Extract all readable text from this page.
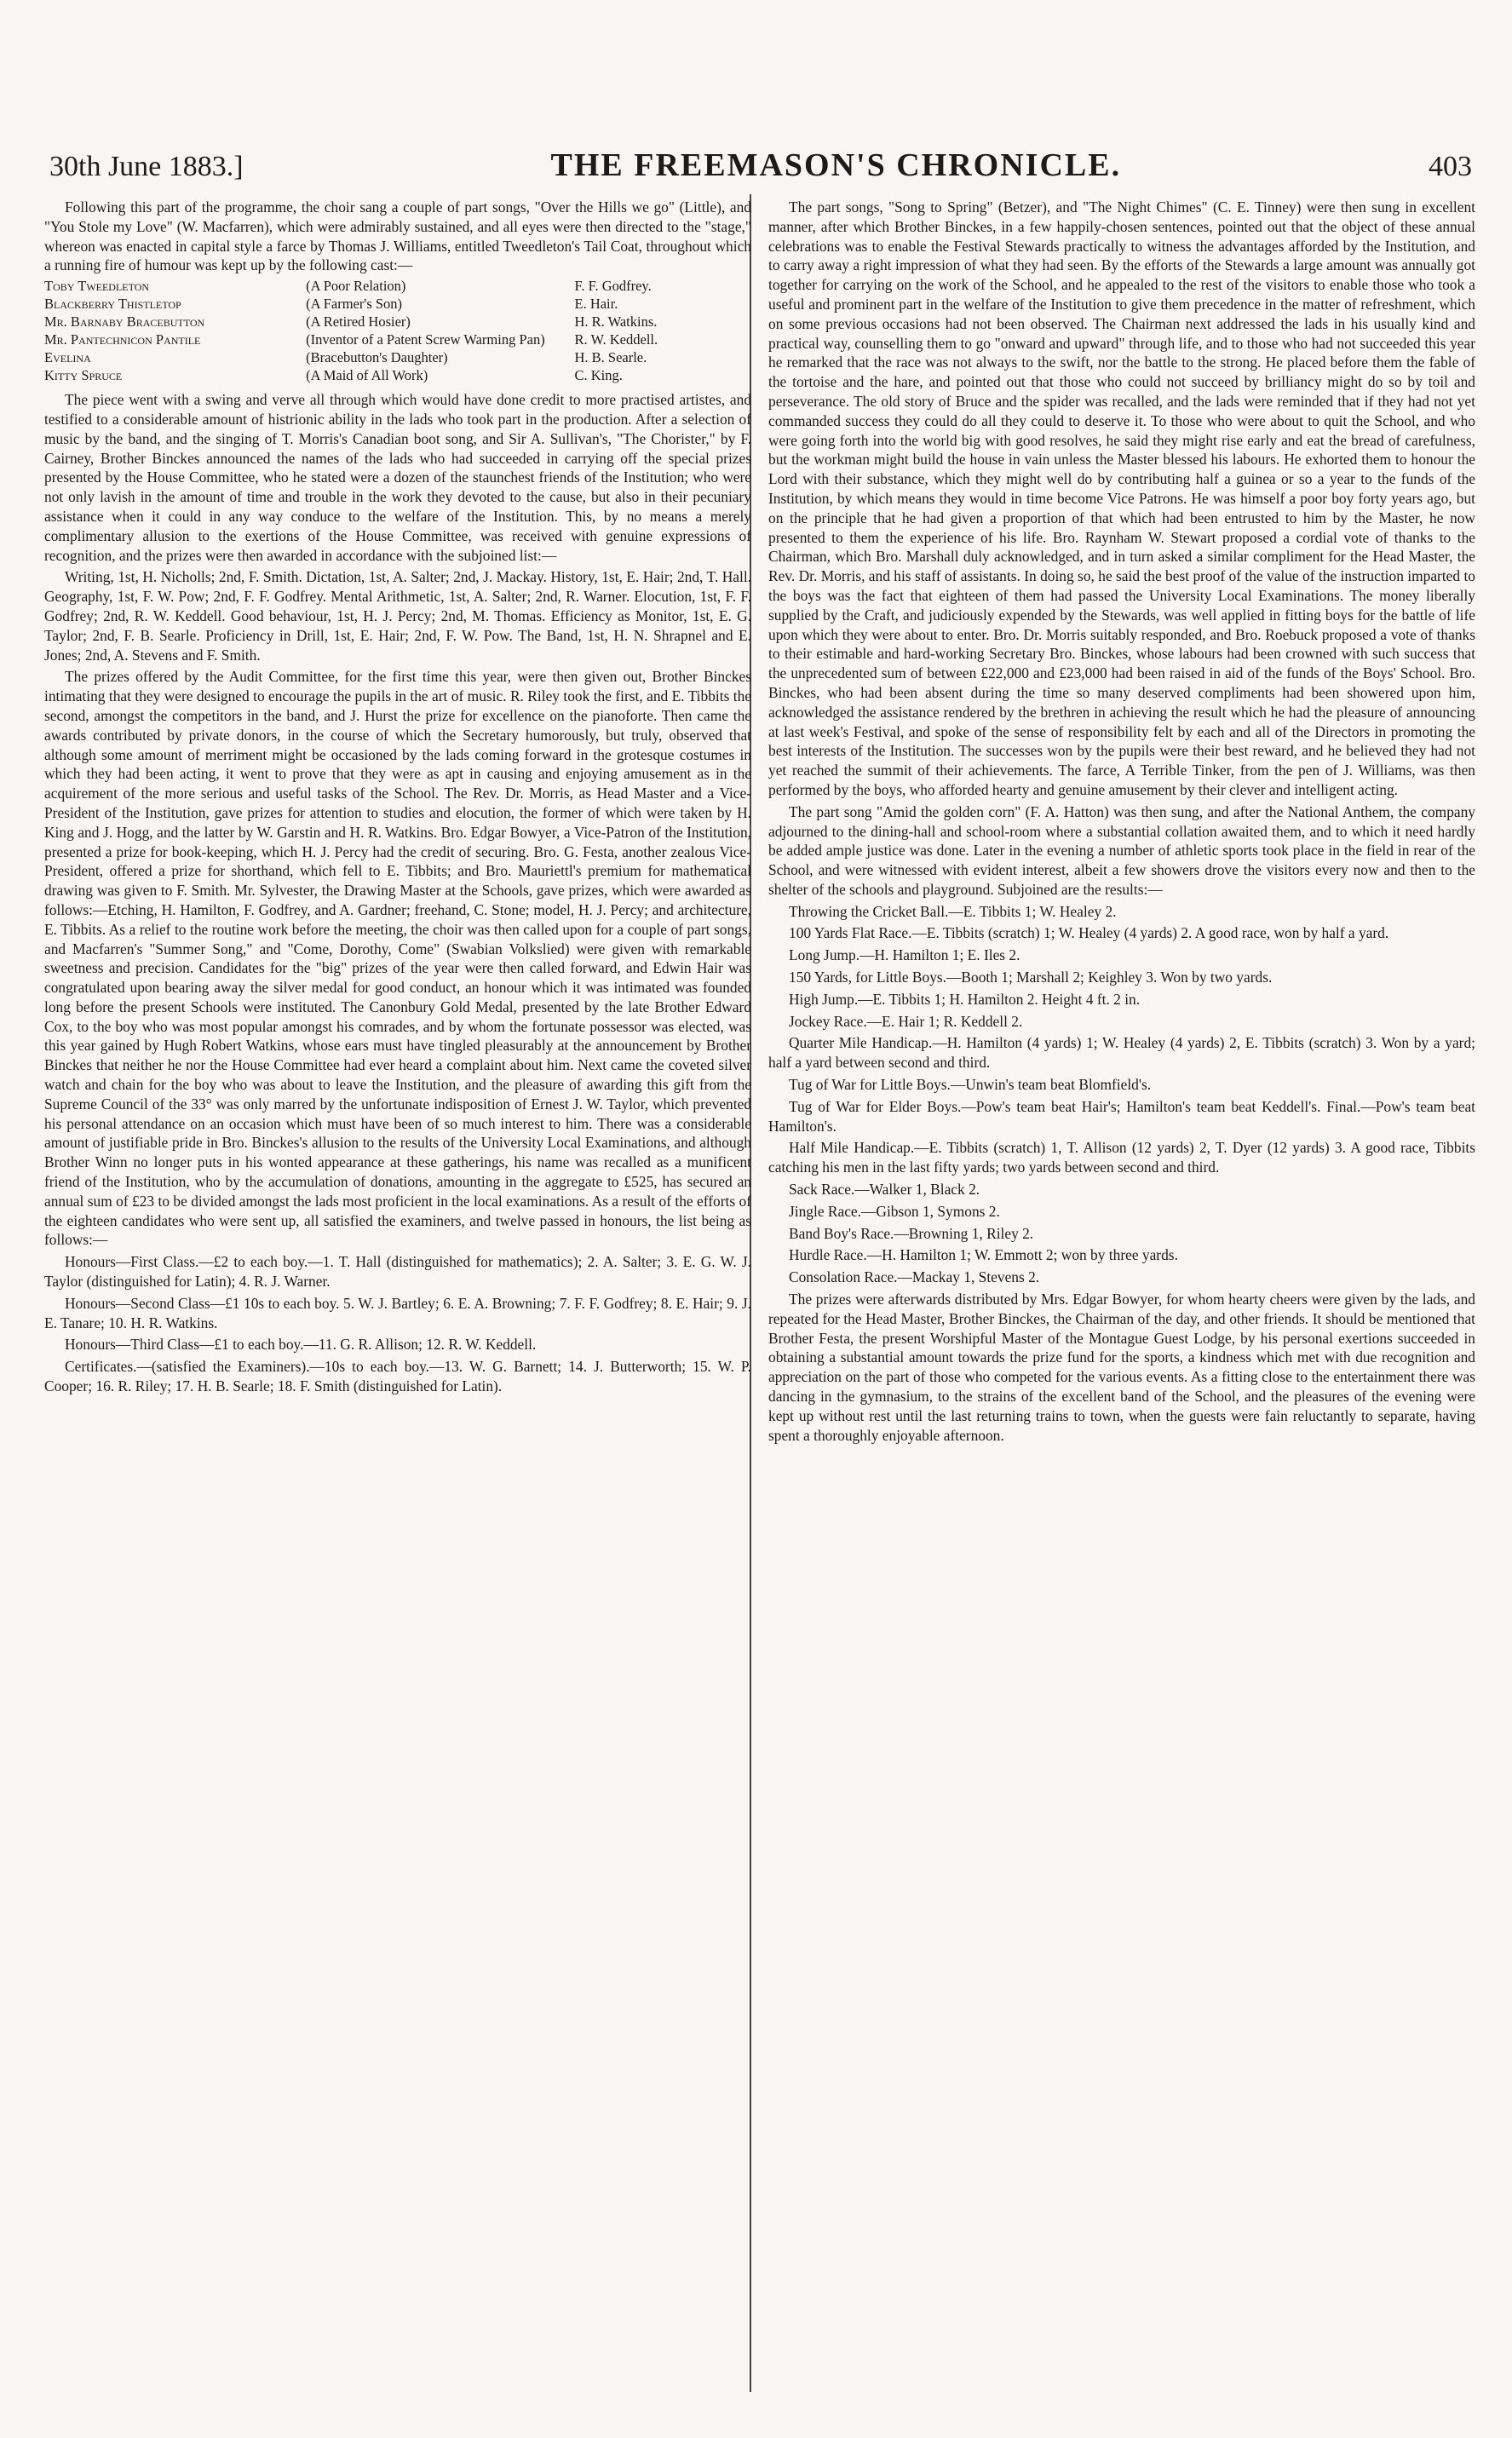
30th June 1883.]	THE FREEMASON'S CHRONICLE.	403

Following this part of the programme, the choir sang a couple of part songs, "Over the Hills we go" (Little), and "You Stole my Love" (W. Macfarren), which were admirably sustained, and all eyes were then directed to the "stage," whereon was enacted in capital style a farce by Thomas J. Williams, entitled Tweedleton's Tail Coat, throughout which a running fire of humour was kept up by the following cast:—

Toby Tweedleton	(A Poor Relation)	F. F. Godfrey.
Blackberry Thistletop	(A Farmer's Son)	E. Hair.
Mr. Barnaby Bracebutton	(A Retired Hosier)	H. R. Watkins.
Mr. Pantechnicon Pantile	(Inventor of a Patent Screw Warming Pan)	R. W. Keddell.
Evelina	(Bracebutton's Daughter)	H. B. Searle.
Kitty Spruce	(A Maid of All Work)	C. King.

The piece went with a swing and verve all through which would have done credit to more practised artistes, and testified to a considerable amount of histrionic ability in the lads who took part in the production. After a selection of music by the band, and the singing of T. Morris's Canadian boot song, and Sir A. Sullivan's, "The Chorister," by F. Cairney, Brother Binckes announced the names of the lads who had succeeded in carrying off the special prizes presented by the House Committee, who he stated were a dozen of the staunchest friends of the Institution; who were not only lavish in the amount of time and trouble in the work they devoted to the cause, but also in their pecuniary assistance when it could in any way conduce to the welfare of the Institution. This, by no means a merely complimentary allusion to the exertions of the House Committee, was received with genuine expressions of recognition, and the prizes were then awarded in accordance with the subjoined list:—

Writing, 1st, H. Nicholls; 2nd, F. Smith. Dictation, 1st, A. Salter; 2nd, J. Mackay. History, 1st, E. Hair; 2nd, T. Hall. Geography, 1st, F. W. Pow; 2nd, F. F. Godfrey. Mental Arithmetic, 1st, A. Salter; 2nd, R. Warner. Elocution, 1st, F. F. Godfrey; 2nd, R. W. Keddell. Good behaviour, 1st, H. J. Percy; 2nd, M. Thomas. Efficiency as Monitor, 1st, E. G. Taylor; 2nd, F. B. Searle. Proficiency in Drill, 1st, E. Hair; 2nd, F. W. Pow. The Band, 1st, H. N. Shrapnel and E. Jones; 2nd, A. Stevens and F. Smith.

The prizes offered by the Audit Committee, for the first time this year, were then given out, Brother Binckes intimating that they were designed to encourage the pupils in the art of music. R. Riley took the first, and E. Tibbits the second, amongst the competitors in the band, and J. Hurst the prize for excellence on the pianoforte. Then came the awards contributed by private donors, in the course of which the Secretary humorously, but truly, observed that although some amount of merriment might be occasioned by the lads coming forward in the grotesque costumes in which they had been acting, it went to prove that they were as apt in causing and enjoying amusement as in the acquirement of the more serious and useful tasks of the School. The Rev. Dr. Morris, as Head Master and a Vice-President of the Institution, gave prizes for attention to studies and elocution, the former of which were taken by H. King and J. Hogg, and the latter by W. Garstin and H. R. Watkins. Bro. Edgar Bowyer, a Vice-Patron of the Institution, presented a prize for book-keeping, which H. J. Percy had the credit of securing. Bro. G. Festa, another zealous Vice-President, offered a prize for shorthand, which fell to E. Tibbits; and Bro. Mauriettl's premium for mathematical drawing was given to F. Smith. Mr. Sylvester, the Drawing Master at the Schools, gave prizes, which were awarded as follows:—Etching, H. Hamilton, F. Godfrey, and A. Gardner; freehand, C. Stone; model, H. J. Percy; and architecture, E. Tibbits. As a relief to the routine work before the meeting, the choir was then called upon for a couple of part songs, and Macfarren's "Summer Song," and "Come, Dorothy, Come" (Swabian Volkslied) were given with remarkable sweetness and precision. Candidates for the "big" prizes of the year were then called forward, and Edwin Hair was congratulated upon bearing away the silver medal for good conduct, an honour which it was intimated was founded long before the present Schools were instituted. The Canonbury Gold Medal, presented by the late Brother Edward Cox, to the boy who was most popular amongst his comrades, and by whom the fortunate possessor was elected, was this year gained by Hugh Robert Watkins, whose ears must have tingled pleasurably at the announcement by Brother Binckes that neither he nor the House Committee had ever heard a complaint about him. Next came the coveted silver watch and chain for the boy who was about to leave the Institution, and the pleasure of awarding this gift from the Supreme Council of the 33° was only marred by the unfortunate indisposition of Ernest J. W. Taylor, which prevented his personal attendance on an occasion which must have been of so much interest to him. There was a considerable amount of justifiable pride in Bro. Binckes's allusion to the results of the University Local Examinations, and although Brother Winn no longer puts in his wonted appearance at these gatherings, his name was recalled as a munificent friend of the Institution, who by the accumulation of donations, amounting in the aggregate to £525, has secured an annual sum of £23 to be divided amongst the lads most proficient in the local examinations. As a result of the efforts of the eighteen candidates who were sent up, all satisfied the examiners, and twelve passed in honours, the list being as follows:—

Honours—First Class.—£2 to each boy.—1. T. Hall (distinguished for mathematics); 2. A. Salter; 3. E. G. W. J. Taylor (distinguished for Latin); 4. R. J. Warner.

Honours—Second Class—£1 10s to each boy. 5. W. J. Bartley; 6. E. A. Browning; 7. F. F. Godfrey; 8. E. Hair; 9. J. E. Tanare; 10. H. R. Watkins.

Honours—Third Class—£1 to each boy.—11. G. R. Allison; 12. R. W. Keddell.

Certificates.—(satisfied the Examiners).—10s to each boy.—13. W. G. Barnett; 14. J. Butterworth; 15. W. P. Cooper; 16. R. Riley; 17. H. B. Searle; 18. F. Smith (distinguished for Latin).

The part songs, "Song to Spring" (Betzer), and "The Night Chimes" (C. E. Tinney) were then sung in excellent manner, after which Brother Binckes, in a few happily-chosen sentences, pointed out that the object of these annual celebrations was to enable the Festival Stewards practically to witness the advantages afforded by the Institution, and to carry away a right impression of what they had seen. By the efforts of the Stewards a large amount was annually got together for carrying on the work of the School, and he appealed to the rest of the visitors to enable those who took a useful and prominent part in the welfare of the Institution to give them precedence in the matter of refreshment, which on some previous occasions had not been observed. The Chairman next addressed the lads in his usually kind and practical way, counselling them to go "onward and upward" through life, and to those who had not succeeded this year he remarked that the race was not always to the swift, nor the battle to the strong. He placed before them the fable of the tortoise and the hare, and pointed out that those who could not succeed by brilliancy might do so by toil and perseverance. The old story of Bruce and the spider was recalled, and the lads were reminded that if they had not yet commanded success they could do all they could to deserve it. To those who were about to quit the School, and who were going forth into the world big with good resolves, he said they might rise early and eat the bread of carefulness, but the workman might build the house in vain unless the Master blessed his labours. He exhorted them to honour the Lord with their substance, which they might well do by contributing half a guinea or so a year to the funds of the Institution, by which means they would in time become Vice Patrons. He was himself a poor boy forty years ago, but on the principle that he had given a proportion of that which had been entrusted to him by the Master, he now presented to them the experience of his life. Bro. Raynham W. Stewart proposed a cordial vote of thanks to the Chairman, which Bro. Marshall duly acknowledged, and in turn asked a similar compliment for the Head Master, the Rev. Dr. Morris, and his staff of assistants. In doing so, he said the best proof of the value of the instruction imparted to the boys was the fact that eighteen of them had passed the University Local Examinations. The money liberally supplied by the Craft, and judiciously expended by the Stewards, was well applied in fitting boys for the battle of life upon which they were about to enter. Bro. Dr. Morris suitably responded, and Bro. Roebuck proposed a vote of thanks to their estimable and hard-working Secretary Bro. Binckes, whose labours had been crowned with such success that the unprecedented sum of between £22,000 and £23,000 had been raised in aid of the funds of the Boys' School. Bro. Binckes, who had been absent during the time so many deserved compliments had been showered upon him, acknowledged the assistance rendered by the brethren in achieving the result which he had the pleasure of announcing at last week's Festival, and spoke of the sense of responsibility felt by each and all of the Directors in promoting the best interests of the Institution. The successes won by the pupils were their best reward, and he believed they had not yet reached the summit of their achievements. The farce, A Terrible Tinker, from the pen of J. Williams, was then performed by the boys, who afforded hearty and genuine amusement by their clever and intelligent acting.

The part song "Amid the golden corn" (F. A. Hatton) was then sung, and after the National Anthem, the company adjourned to the dining-hall and school-room where a substantial collation awaited them, and to which it need hardly be added ample justice was done. Later in the evening a number of athletic sports took place in the field in rear of the School, and were witnessed with evident interest, albeit a few showers drove the visitors every now and then to the shelter of the schools and playground. Subjoined are the results:—

Throwing the Cricket Ball.—E. Tibbits 1; W. Healey 2.

100 Yards Flat Race.—E. Tibbits (scratch) 1; W. Healey (4 yards) 2. A good race, won by half a yard.

Long Jump.—H. Hamilton 1; E. Iles 2.

150 Yards, for Little Boys.—Booth 1; Marshall 2; Keighley 3. Won by two yards.

High Jump.—E. Tibbits 1; H. Hamilton 2. Height 4 ft. 2 in.

Jockey Race.—E. Hair 1; R. Keddell 2.

Quarter Mile Handicap.—H. Hamilton (4 yards) 1; W. Healey (4 yards) 2, E. Tibbits (scratch) 3. Won by a yard; half a yard between second and third.

Tug of War for Little Boys.—Unwin's team beat Blomfield's.

Tug of War for Elder Boys.—Pow's team beat Hair's; Hamilton's team beat Keddell's. Final.—Pow's team beat Hamilton's.

Half Mile Handicap.—E. Tibbits (scratch) 1, T. Allison (12 yards) 2, T. Dyer (12 yards) 3. A good race, Tibbits catching his men in the last fifty yards; two yards between second and third.

Sack Race.—Walker 1, Black 2.

Jingle Race.—Gibson 1, Symons 2.

Band Boy's Race.—Browning 1, Riley 2.

Hurdle Race.—H. Hamilton 1; W. Emmott 2; won by three yards.

Consolation Race.—Mackay 1, Stevens 2.

The prizes were afterwards distributed by Mrs. Edgar Bowyer, for whom hearty cheers were given by the lads, and repeated for the Head Master, Brother Binckes, the Chairman of the day, and other friends. It should be mentioned that Brother Festa, the present Worshipful Master of the Montague Guest Lodge, by his personal exertions succeeded in obtaining a substantial amount towards the prize fund for the sports, a kindness which met with due recognition and appreciation on the part of those who competed for the various events. As a fitting close to the entertainment there was dancing in the gymnasium, to the strains of the excellent band of the School, and the pleasures of the evening were kept up without rest until the last returning trains to town, when the guests were fain reluctantly to separate, having spent a thoroughly enjoyable afternoon.
